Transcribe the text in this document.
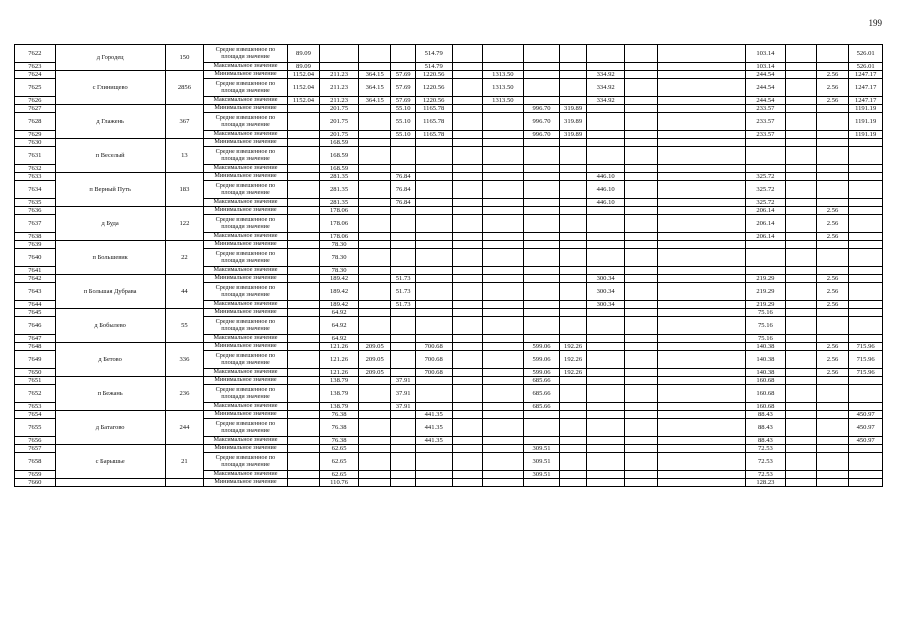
199
7622	д Городец	150	Средне взвешенное по площади значение	89.09				514.79								103.14			526.01
7623			Максимальное значение	89.09				514.79								103.14			526.01
7624	с Глинищево	2856	Минимальное значение	1152.04	211.23	364.15	57.69	1220.56		1313.50			334.92			244.54		2.56	1247.17
7625			Средне взвешенное по площади значение	1152.04	211.23	364.15	57.69	1220.56		1313.50			334.92			244.54		2.56	1247.17
7626			Максимальное значение	1152.04	211.23	364.15	57.69	1220.56		1313.50			334.92			244.54		2.56	1247.17
7627	д Глажень	367	Минимальное значение		201.75		55.10	1165.78			996.70	319.89				233.57			1191.19
7628			Средне взвешенное по площади значение		201.75		55.10	1165.78			996.70	319.89				233.57			1191.19
7629			Максимальное значение		201.75		55.10	1165.78			996.70	319.89				233.57			1191.19
7630	п Веселый	13	Минимальное значение		168.59														
7631			Средне взвешенное по площади значение		168.59														
7632			Максимальное значение		168.59														
7633	п Верный Путь	183	Минимальное значение		281.35		76.84						446.10			325.72			
7634			Средне взвешенное по площади значение		281.35		76.84						446.10			325.72			
7635			Максимальное значение		281.35		76.84						446.10			325.72			
7636	д Буда	122	Минимальное значение		178.06											206.14		2.56	
7637			Средне взвешенное по площади значение		178.06											206.14		2.56	
7638			Максимальное значение		178.06											206.14		2.56	
7639	п Большевик	22	Минимальное значение		78.30														
7640			Средне взвешенное по площади значение		78.30														
7641			Максимальное значение		78.30														
7642	п Большая Дубрава	44	Минимальное значение		189.42		51.73						300.34			219.29		2.56	
7643			Средне взвешенное по площади значение		189.42		51.73						300.34			219.29		2.56	
7644			Максимальное значение		189.42		51.73						300.34			219.29		2.56	
7645	д Бобылево	55	Минимальное значение		64.92											75.16			
7646			Средне взвешенное по площади значение		64.92											75.16			
7647			Максимальное значение		64.92											75.16			
7648	д Бетово	336	Минимальное значение		121.26	209.05		700.68			599.06	192.26				140.38		2.56	715.96
7649			Средне взвешенное по площади значение		121.26	209.05		700.68			599.06	192.26				140.38		2.56	715.96
7650			Максимальное значение		121.26	209.05		700.68			599.06	192.26				140.38		2.56	715.96
7651	п Бежань	236	Минимальное значение		138.79		37.91				685.66					160.68			
7652			Средне взвешенное по площади значение		138.79		37.91				685.66					160.68			
7653			Максимальное значение		138.79		37.91				685.66					160.68			
7654	д Батагово	244	Минимальное значение		76.38			441.35								88.43			450.97
7655			Средне взвешенное по площади значение		76.38			441.35								88.43			450.97
7656			Максимальное значение		76.38			441.35								88.43			450.97
7657	с Барышье	21	Минимальное значение		62.65						309.51					72.53			
7658			Средне взвешенное по площади значение		62.65						309.51					72.53			
7659			Максимальное значение		62.65						309.51					72.53			
7660			Минимальное значение		110.76											128.23			
